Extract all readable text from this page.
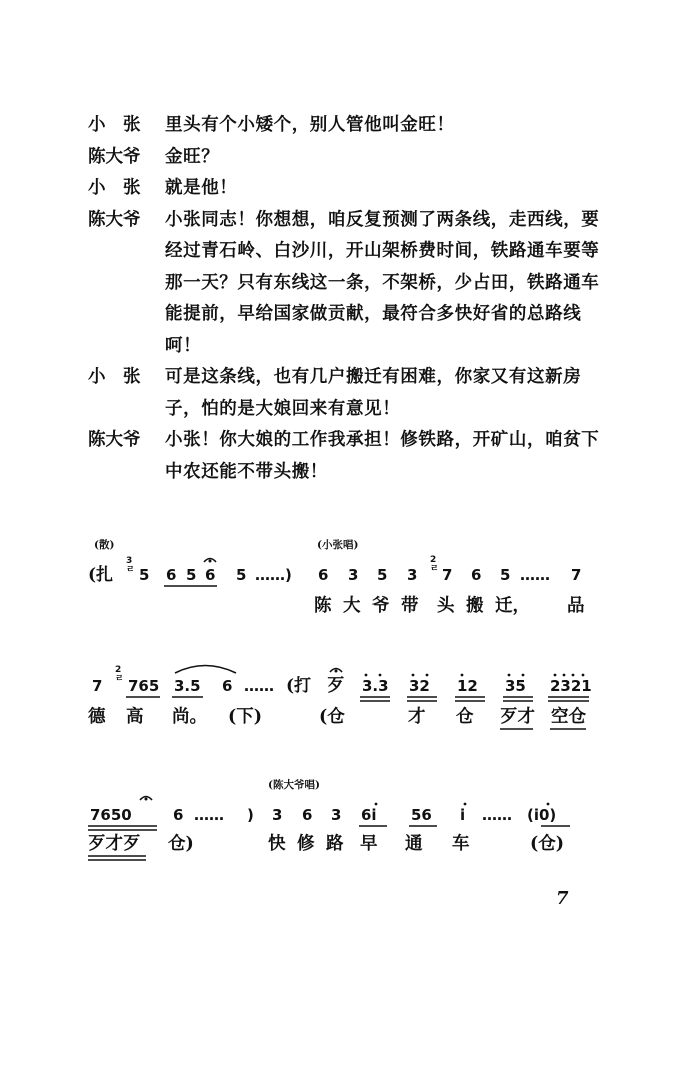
小　张	里头有个小矮个，别人管他叫金旺！
陈大爷	金旺？
小　张	就是他！
陈大爷	小张同志！你想想，咱反复预测了两条线，走西线，要经过青石岭、白沙川，开山架桥费时间，铁路通车要等那一天？只有东线这一条，不架桥，少占田，铁路通车能提前，早给国家做贡献，最符合多快好省的总路线呵！
小　张	可是这条线，也有几户搬迁有困难，你家又有这新房子，怕的是大娘回来有意见！
陈大爷	小张！你大娘的工作我承担！修铁路，开矿山，咱贫下中农还能不带头搬！
(散)	(小张唱)
(扎
3
ㄹ 5 6 5 6 5 ……) 6 3 5 3
2
ㄹ 7 6 5 …… 7
陈 大 爷 带 头 搬 迁， 品
7
2
ㄹ 765 3.5 6 …… (打 歹 3.3 32 12 35 2321
德 高 尚。 (下)	(仓	才 仓 歹才 空仓
(陈大爷唱)
7650	6 …… ) 3 6 3 6i 56 i …… (i0)
歹才歹 仓)	快 修 路 早 通 车	(仓)
7
